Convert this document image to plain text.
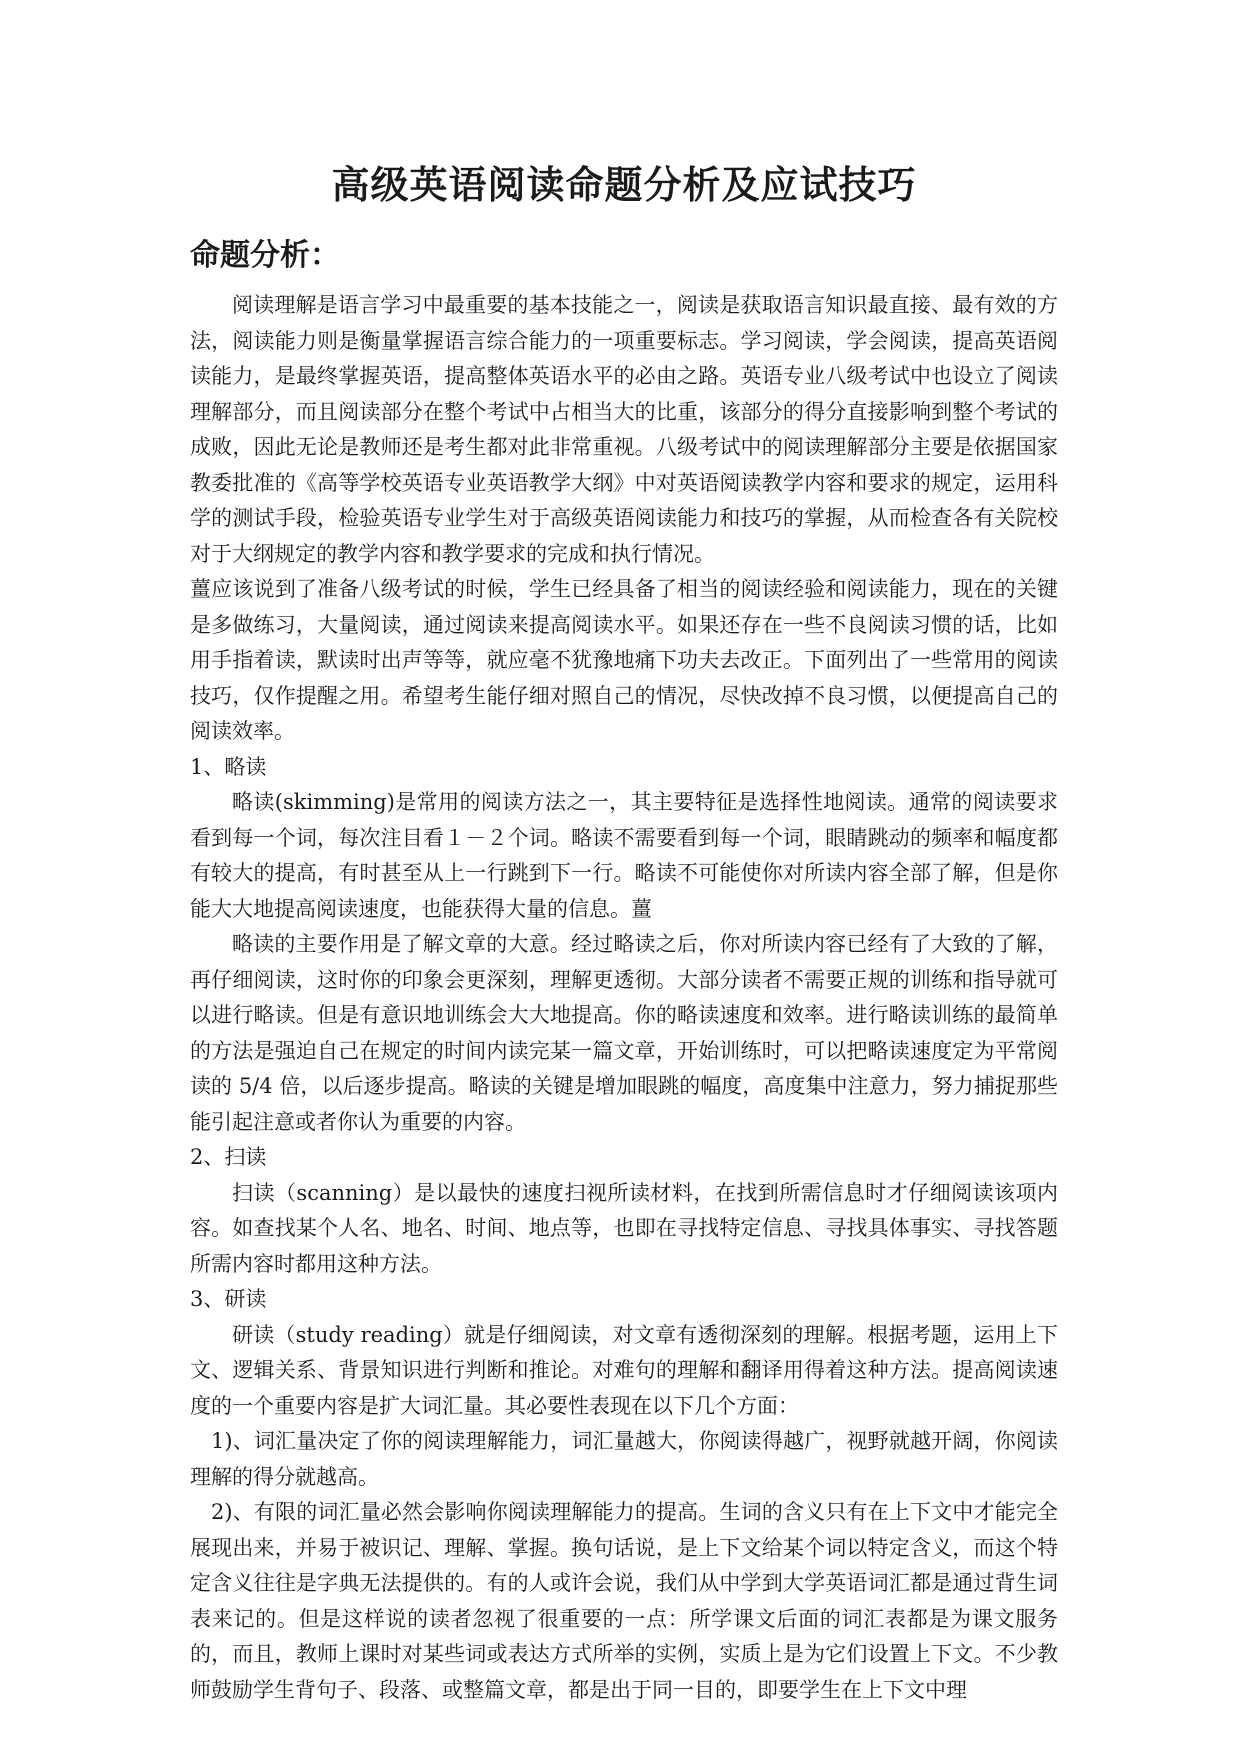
高级英语阅读命题分析及应试技巧
命题分析：

阅读理解是语言学习中最重要的基本技能之一，阅读是获取语言知识最直接、最有效的方法，阅读能力则是衡量掌握语言综合能力的一项重要标志。学习阅读，学会阅读，提高英语阅读能力，是最终掌握英语，提高整体英语水平的必由之路。英语专业八级考试中也设立了阅读理解部分，而且阅读部分在整个考试中占相当大的比重，该部分的得分直接影响到整个考试的成败，因此无论是教师还是考生都对此非常重视。八级考试中的阅读理解部分主要是依据国家教委批准的《高等学校英语专业英语教学大纲》中对英语阅读教学内容和要求的规定，运用科学的测试手段，检验英语专业学生对于高级英语阅读能力和技巧的掌握，从而检查各有关院校对于大纲规定的教学内容和教学要求的完成和执行情况。

薑应该说到了准备八级考试的时候，学生已经具备了相当的阅读经验和阅读能力，现在的关键是多做练习，大量阅读，通过阅读来提高阅读水平。如果还存在一些不良阅读习惯的话，比如用手指着读，默读时出声等等，就应毫不犹豫地痛下功夫去改正。下面列出了一些常用的阅读技巧，仅作提醒之用。希望考生能仔细对照自己的情况，尽快改掉不良习惯，以便提高自己的阅读效率。

1、略读

略读(skimming)是常用的阅读方法之一，其主要特征是选择性地阅读。通常的阅读要求看到每一个词，每次注目看１－２个词。略读不需要看到每一个词，眼睛跳动的频率和幅度都有较大的提高，有时甚至从上一行跳到下一行。略读不可能使你对所读内容全部了解，但是你能大大地提高阅读速度，也能获得大量的信息。薑

略读的主要作用是了解文章的大意。经过略读之后，你对所读内容已经有了大致的了解，再仔细阅读，这时你的印象会更深刻，理解更透彻。大部分读者不需要正规的训练和指导就可以进行略读。但是有意识地训练会大大地提高。你的略读速度和效率。进行略读训练的最简单的方法是强迫自己在规定的时间内读完某一篇文章，开始训练时，可以把略读速度定为平常阅读的 5/4 倍，以后逐步提高。略读的关键是增加眼跳的幅度，高度集中注意力，努力捕捉那些能引起注意或者你认为重要的内容。

2、扫读

扫读（scanning）是以最快的速度扫视所读材料，在找到所需信息时才仔细阅读该项内容。如查找某个人名、地名、时间、地点等，也即在寻找特定信息、寻找具体事实、寻找答题所需内容时都用这种方法。

3、研读

研读（study reading）就是仔细阅读，对文章有透彻深刻的理解。根据考题，运用上下文、逻辑关系、背景知识进行判断和推论。对难句的理解和翻译用得着这种方法。提高阅读速度的一个重要内容是扩大词汇量。其必要性表现在以下几个方面：

1)、词汇量决定了你的阅读理解能力，词汇量越大，你阅读得越广，视野就越开阔，你阅读理解的得分就越高。

2)、有限的词汇量必然会影响你阅读理解能力的提高。生词的含义只有在上下文中才能完全展现出来，并易于被识记、理解、掌握。换句话说，是上下文给某个词以特定含义，而这个特定含义往往是字典无法提供的。有的人或许会说，我们从中学到大学英语词汇都是通过背生词表来记的。但是这样说的读者忽视了很重要的一点：所学课文后面的词汇表都是为课文服务的，而且，教师上课时对某些词或表达方式所举的实例，实质上是为它们设置上下文。不少教师鼓励学生背句子、段落、或整篇文章，都是出于同一目的，即要学生在上下文中理
